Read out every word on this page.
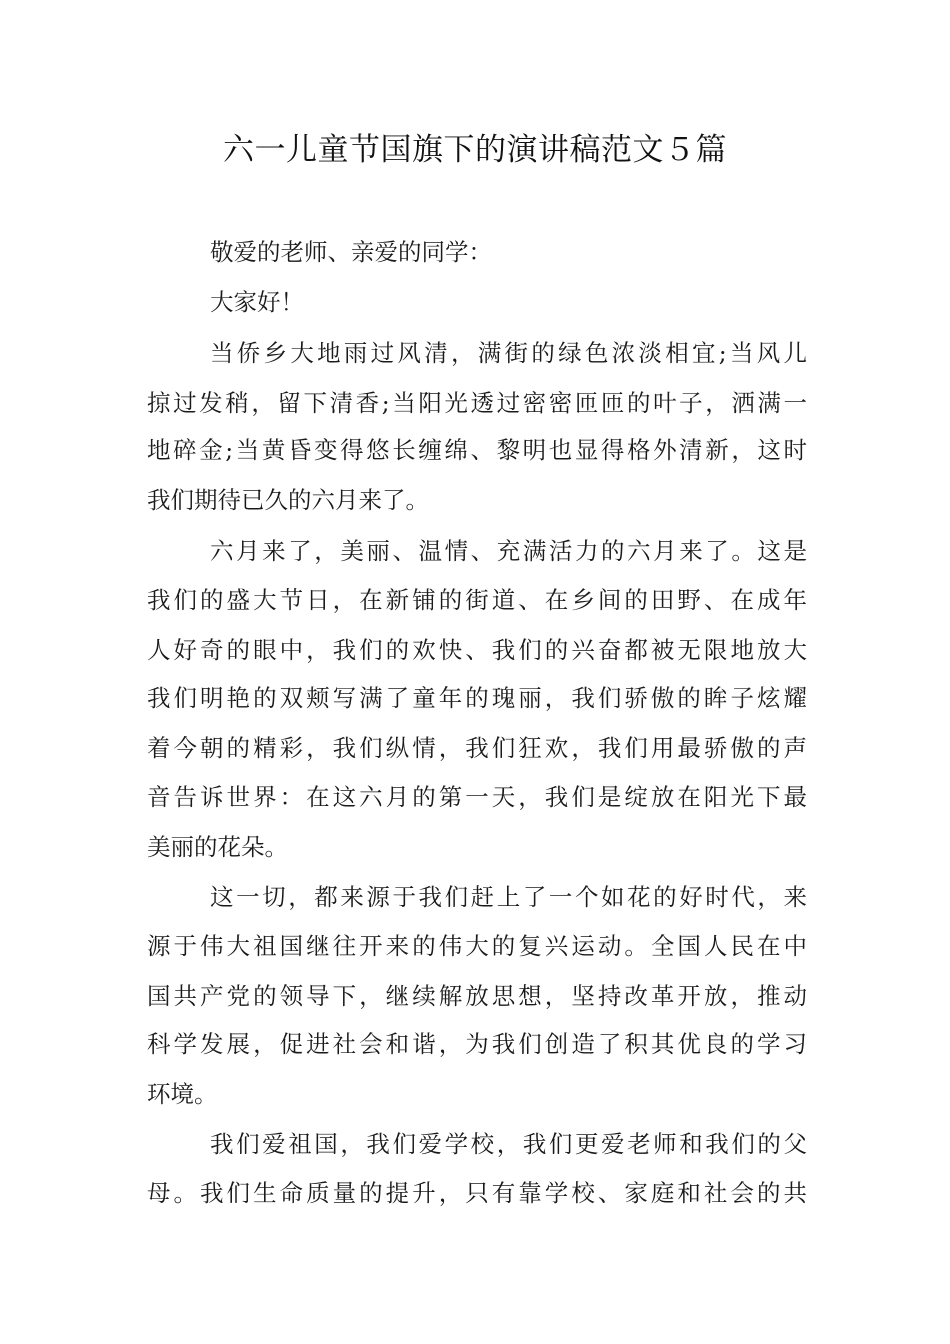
六一儿童节国旗下的演讲稿范文５篇

敬爱的老师、亲爱的同学：

大家好！

当侨乡大地雨过风清，满街的绿色浓淡相宜;当风儿

掠过发稍，留下清香;当阳光透过密密匝匝的叶子，洒满一

地碎金;当黄昏变得悠长缠绵、黎明也显得格外清新，这时

我们期待已久的六月来了。

六月来了，美丽、温情、充满活力的六月来了。这是

我们的盛大节日，在新铺的街道、在乡间的田野、在成年

人好奇的眼中，我们的欢快、我们的兴奋都被无限地放大

我们明艳的双颊写满了童年的瑰丽，我们骄傲的眸子炫耀

着今朝的精彩，我们纵情，我们狂欢，我们用最骄傲的声

音告诉世界：在这六月的第一天，我们是绽放在阳光下最

美丽的花朵。

这一切，都来源于我们赶上了一个如花的好时代，来

源于伟大祖国继往开来的伟大的复兴运动。全国人民在中

国共产党的领导下，继续解放思想，坚持改革开放，推动

科学发展，促进社会和谐，为我们创造了积其优良的学习

环境。

我们爱祖国，我们爱学校，我们更爱老师和我们的父

母。我们生命质量的提升，只有靠学校、家庭和社会的共
